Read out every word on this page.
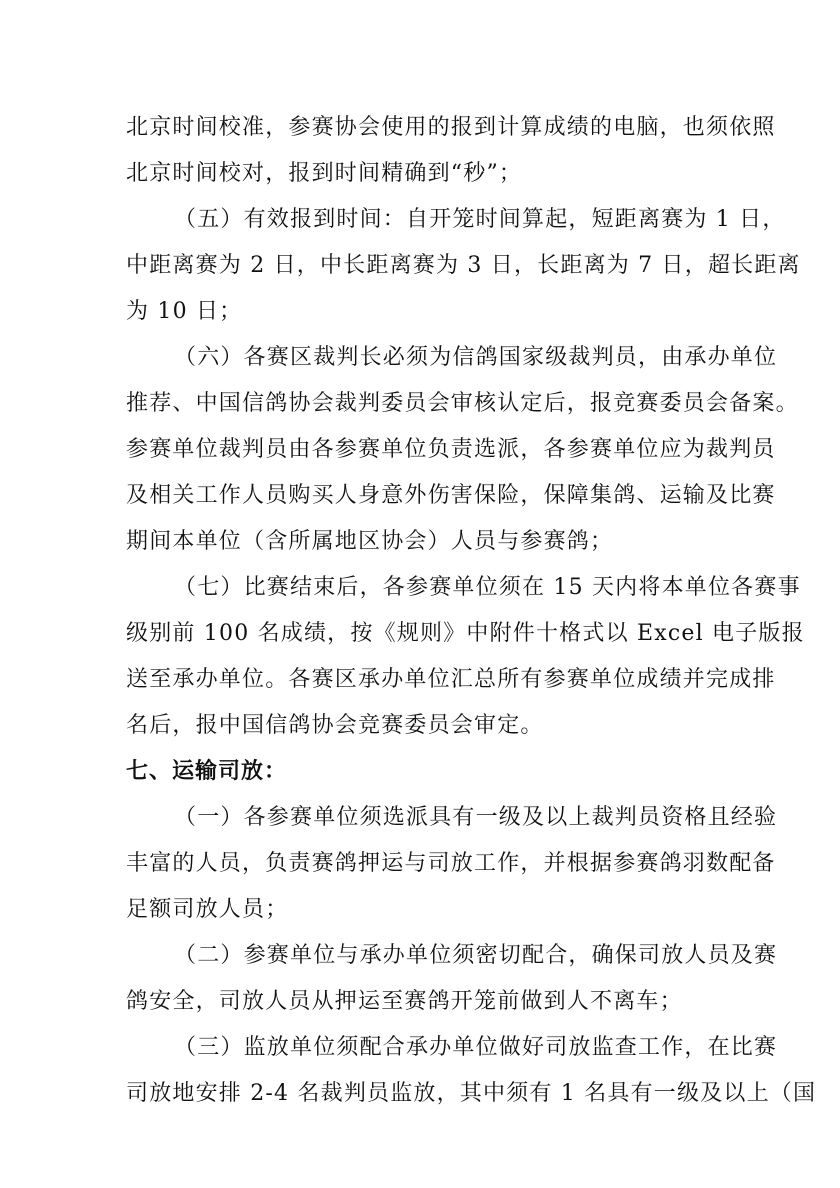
北京时间校准，参赛协会使用的报到计算成绩的电脑，也须依照
北京时间校对，报到时间精确到“秒”；
（五）有效报到时间：自开笼时间算起，短距离赛为 1 日，
中距离赛为 2 日，中长距离赛为 3 日，长距离为 7 日，超长距离
为 10 日；
（六）各赛区裁判长必须为信鸽国家级裁判员，由承办单位
推荐、中国信鸽协会裁判委员会审核认定后，报竞赛委员会备案。
参赛单位裁判员由各参赛单位负责选派，各参赛单位应为裁判员
及相关工作人员购买人身意外伤害保险，保障集鸽、运输及比赛
期间本单位（含所属地区协会）人员与参赛鸽；
（七）比赛结束后，各参赛单位须在 15 天内将本单位各赛事
级别前 100 名成绩，按《规则》中附件十格式以 Excel 电子版报
送至承办单位。各赛区承办单位汇总所有参赛单位成绩并完成排
名后，报中国信鸽协会竞赛委员会审定。
七、运输司放：
（一）各参赛单位须选派具有一级及以上裁判员资格且经验
丰富的人员，负责赛鸽押运与司放工作，并根据参赛鸽羽数配备
足额司放人员；
（二）参赛单位与承办单位须密切配合，确保司放人员及赛
鸽安全，司放人员从押运至赛鸽开笼前做到人不离车；
（三）监放单位须配合承办单位做好司放监查工作，在比赛
司放地安排 2-4 名裁判员监放，其中须有 1 名具有一级及以上（国
